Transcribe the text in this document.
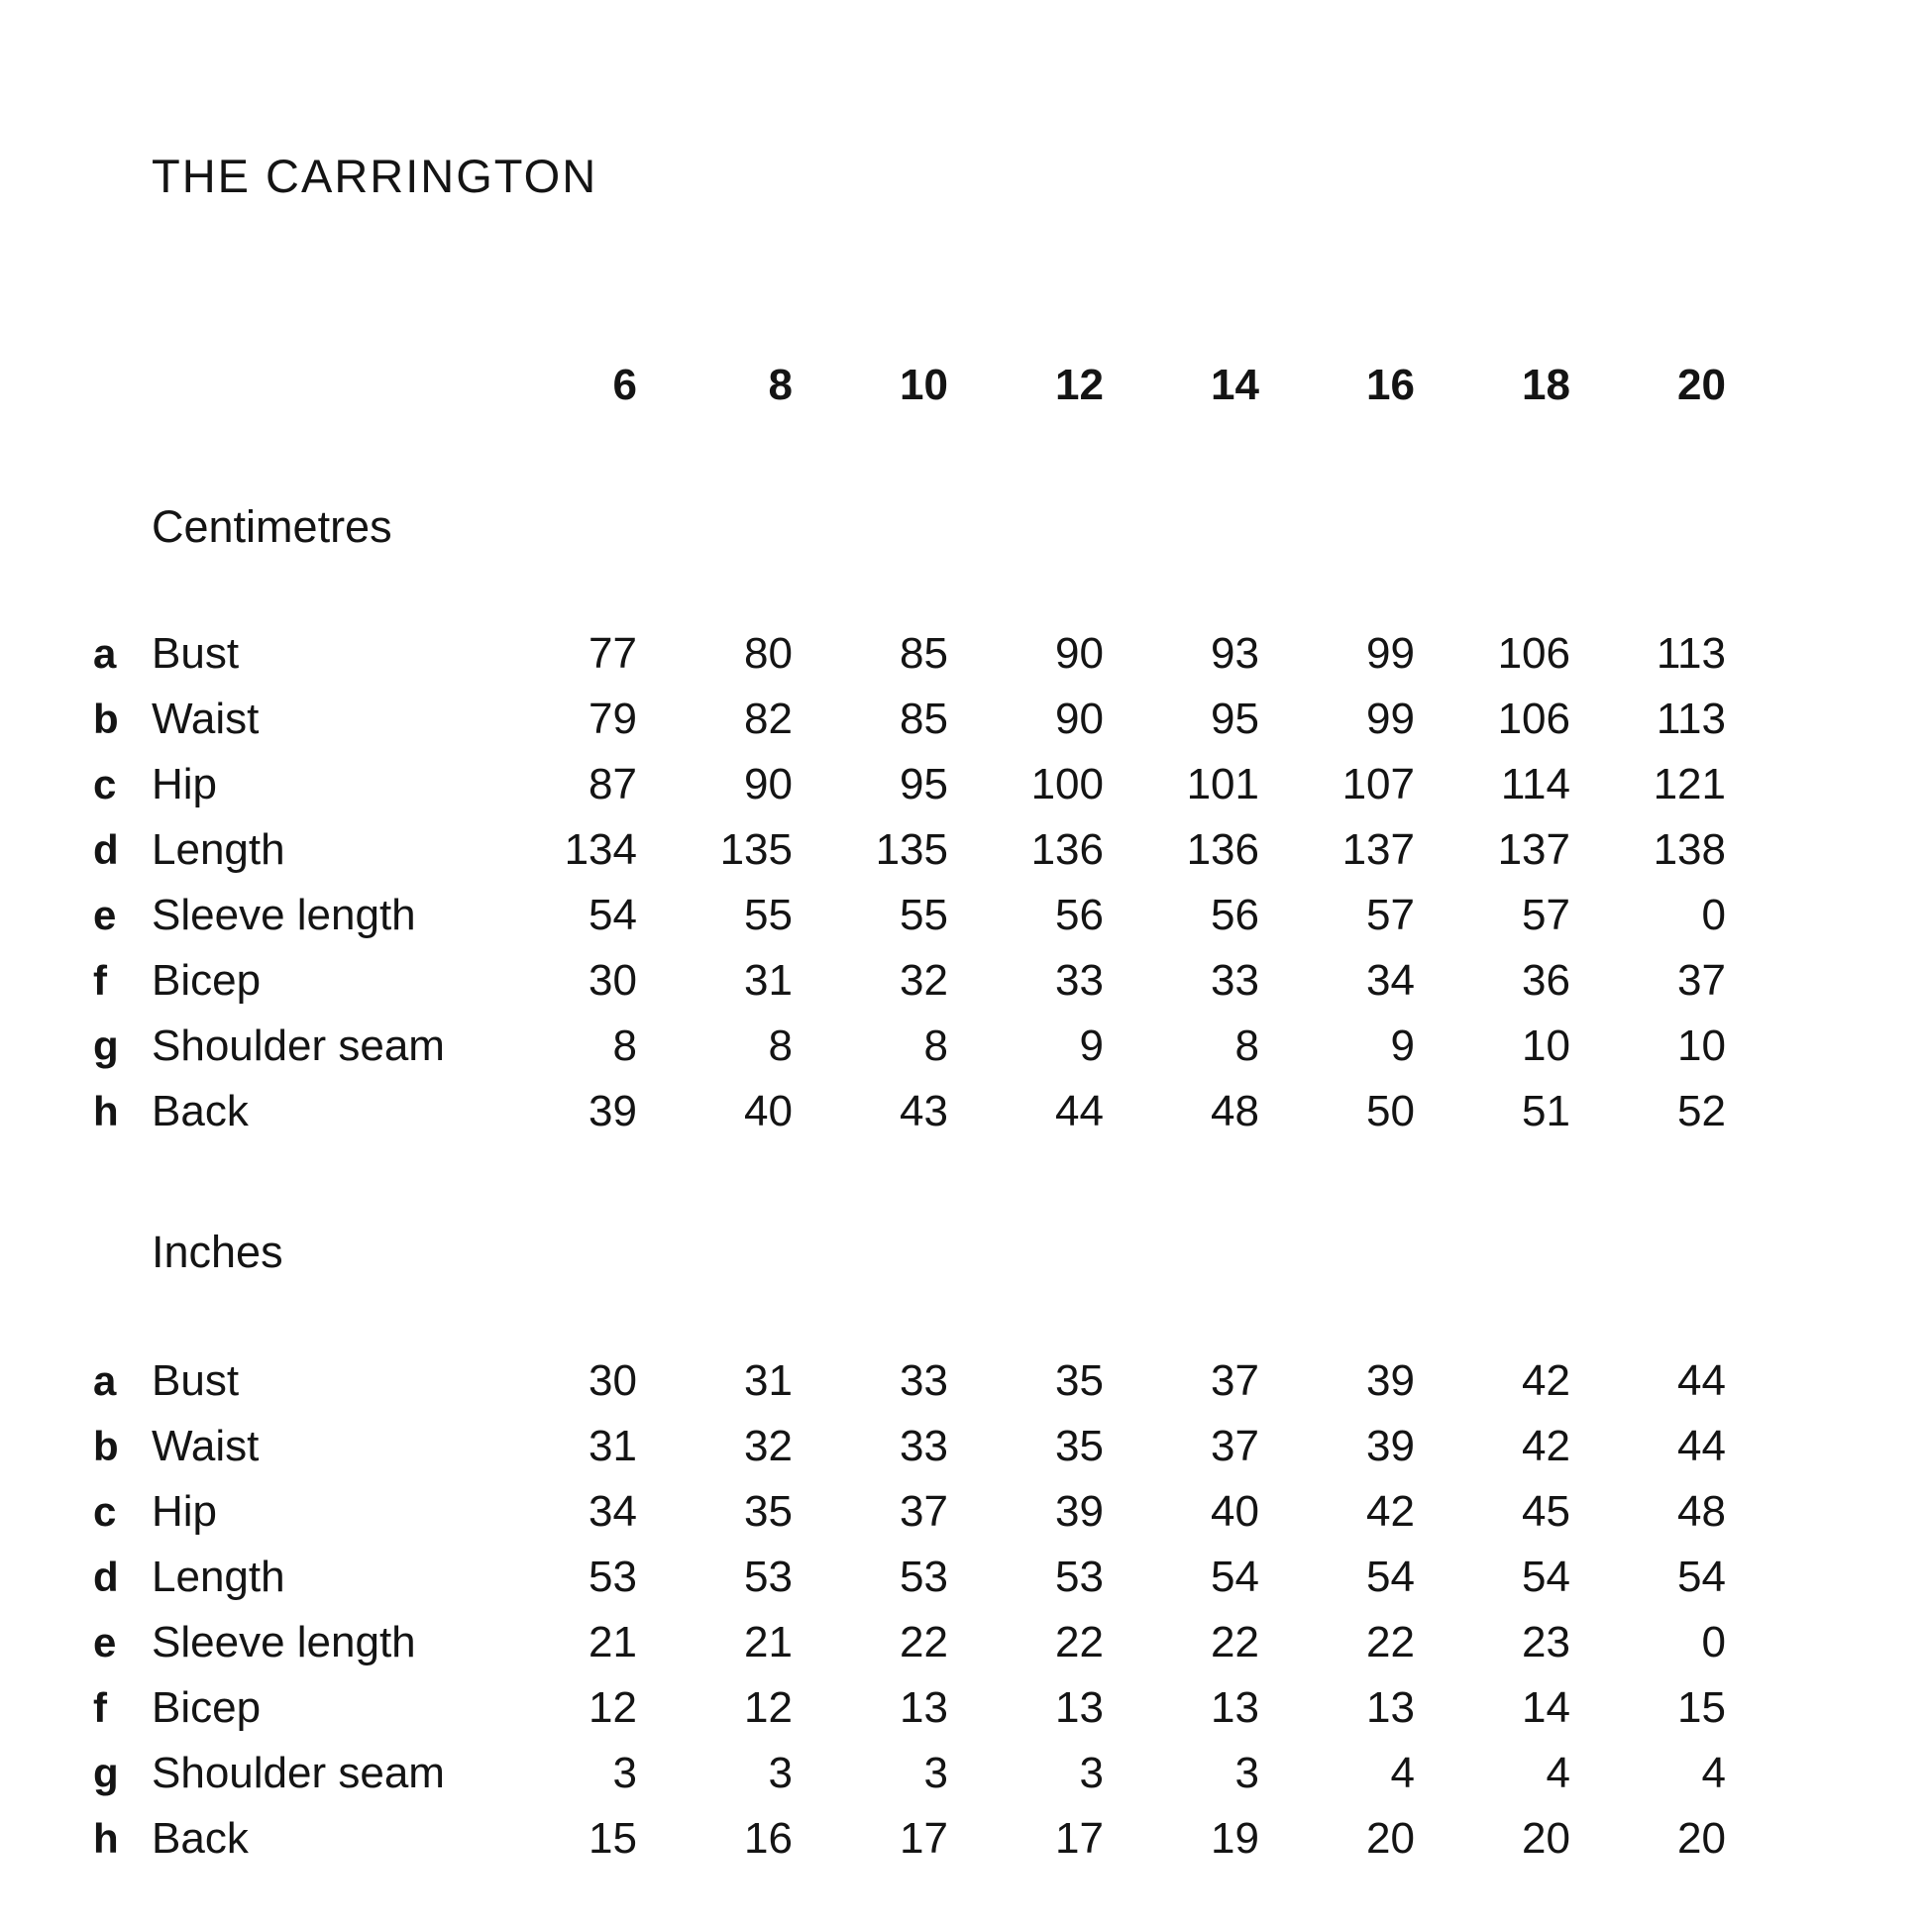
THE CARRINGTON
6	8	10	12	14	16	18	20
Centimetres
a Bust	77	80	85	90	93	99	106	113
b Waist	79	82	85	90	95	99	106	113
c Hip	87	90	95	100	101	107	114	121
d Length	134	135	135	136	136	137	137	138
e Sleeve length	54	55	55	56	56	57	57	0
f	Bicep	30	31	32	33	33	34	36	37
g Shoulder seam	8	8	8	9	8	9	10	10
h Back	39	40	43	44	48	50	51	52
Inches
a Bust	30	31	33	35	37	39	42	44
b Waist	31	32	33	35	37	39	42	44
c Hip	34	35	37	39	40	42	45	48
d Length	53	53	53	53	54	54	54	54
e Sleeve length	21	21	22	22	22	22	23	0
f	Bicep	12	12	13	13	13	13	14	15
g Shoulder seam	3	3	3	3	3	4	4	4
h Back	15	16	17	17	19	20	20	20
